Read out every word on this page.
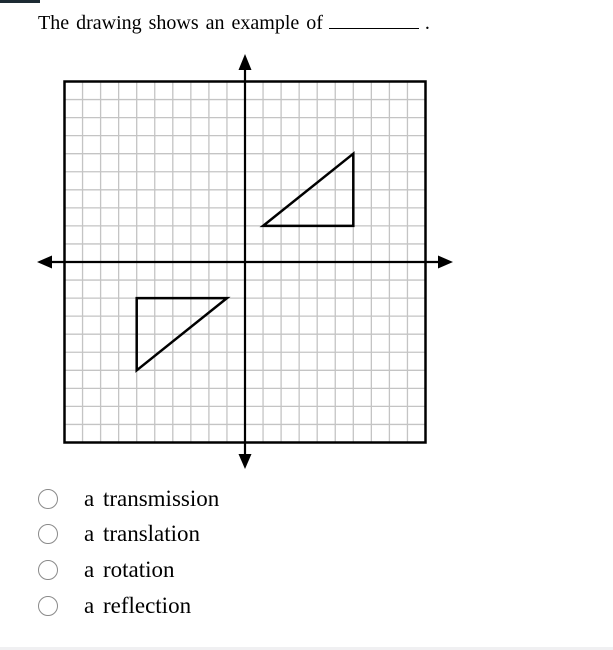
The drawing shows an example of	.
a transmission
a translation
a rotation
a reflection
